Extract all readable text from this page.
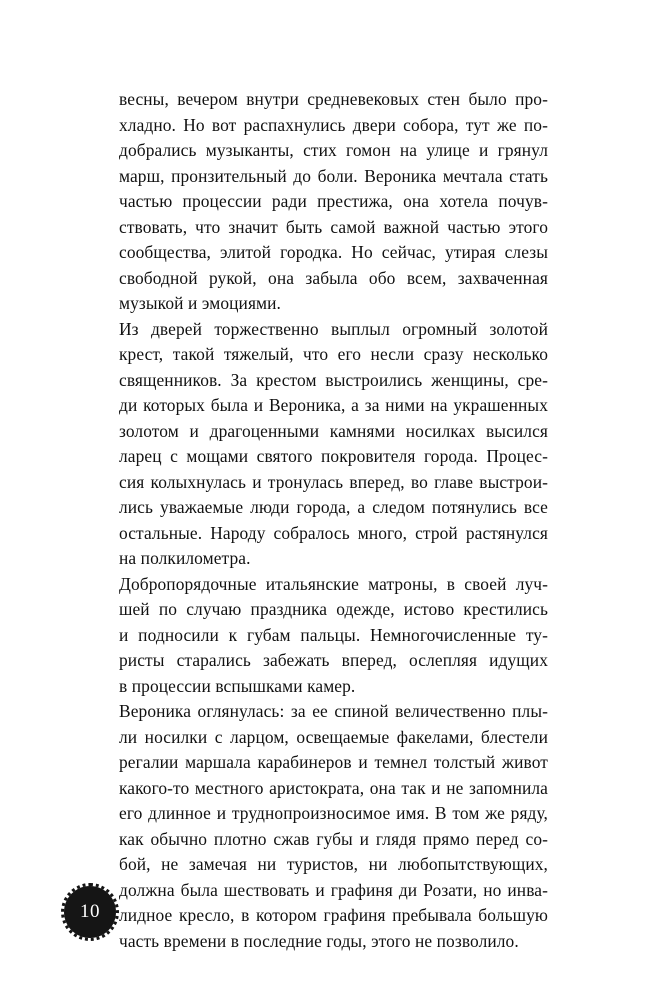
весны, вечером внутри средневековых стен было про-
хладно. Но вот распахнулись двери собора, тут же по-
добрались музыканты, стих гомон на улице и грянул
марш, пронзительный до боли. Вероника мечтала стать
частью процессии ради престижа, она хотела почув-
ствовать, что значит быть самой важной частью этого
сообщества, элитой городка. Но сейчас, утирая слезы
свободной рукой, она забыла обо всем, захваченная
музыкой и эмоциями.
Из дверей торжественно выплыл огромный золотой
крест, такой тяжелый, что его несли сразу несколько
священников. За крестом выстроились женщины, сре-
ди которых была и Вероника, а за ними на украшенных
золотом и драгоценными камнями носилках высился
ларец с мощами святого покровителя города. Процес-
сия колыхнулась и тронулась вперед, во главе выстрои-
лись уважаемые люди города, а следом потянулись все
остальные. Народу собралось много, строй растянулся
на полкилометра.
Добропорядочные итальянские матроны, в своей луч-
шей по случаю праздника одежде, истово крестились
и подносили к губам пальцы. Немногочисленные ту-
ристы старались забежать вперед, ослепляя идущих
в процессии вспышками камер.
Вероника оглянулась: за ее спиной величественно плы-
ли носилки с ларцом, освещаемые факелами, блестели
регалии маршала карабинеров и темнел толстый живот
какого-то местного аристократа, она так и не запомнила
его длинное и труднопроизносимое имя. В том же ряду,
как обычно плотно сжав губы и глядя прямо перед со-
бой, не замечая ни туристов, ни любопытствующих,
должна была шествовать и графиня ди Розати, но инва-
лидное кресло, в котором графиня пребывала большую
часть времени в последние годы, этого не позволило.
10
